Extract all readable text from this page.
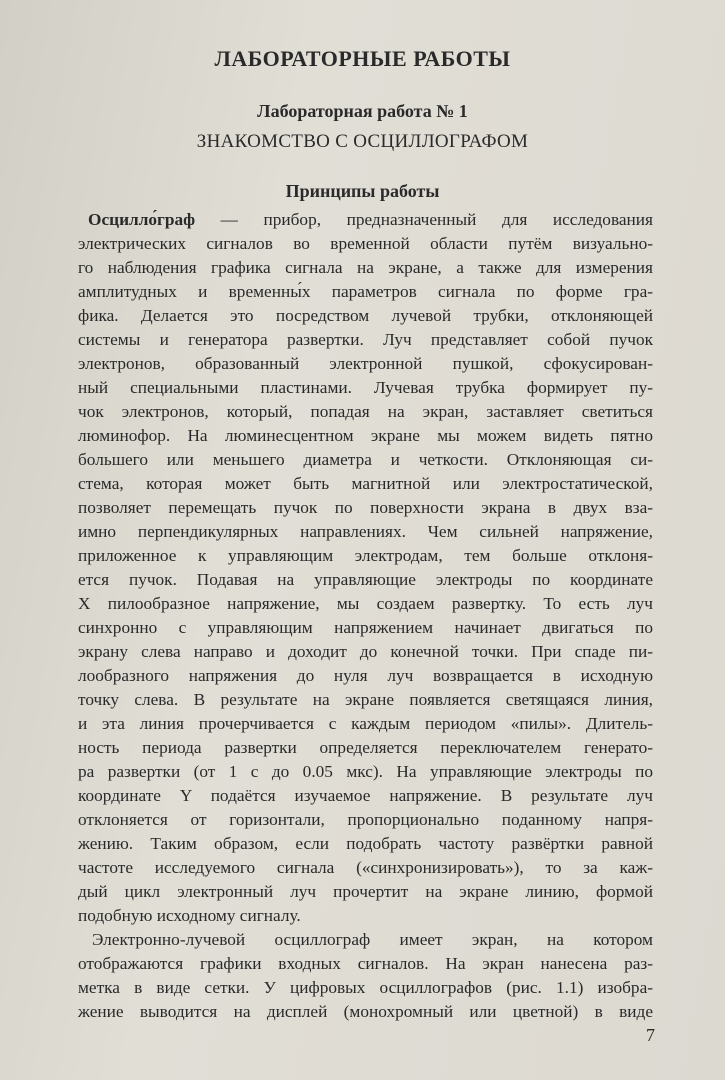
ЛАБОРАТОРНЫЕ РАБОТЫ
Лабораторная работа № 1
ЗНАКОМСТВО С ОСЦИЛЛОГРАФОМ
Принципы работы
Осцилло́граф — прибор, предназначенный для исследования
электрических сигналов во временной области путём визуально-
го наблюдения графика сигнала на экране, а также для измерения
амплитудных и временны́х параметров сигнала по форме гра-
фика. Делается это посредством лучевой трубки, отклоняющей
системы и генератора развертки. Луч представляет собой пучок
электронов, образованный электронной пушкой, сфокусирован-
ный специальными пластинами. Лучевая трубка формирует пу-
чок электронов, который, попадая на экран, заставляет светиться
люминофор. На люминесцентном экране мы можем видеть пятно
большего или меньшего диаметра и четкости. Отклоняющая си-
стема, которая может быть магнитной или электростатической,
позволяет перемещать пучок по поверхности экрана в двух вза-
имно перпендикулярных направлениях. Чем сильней напряжение,
приложенное к управляющим электродам, тем больше отклоня-
ется пучок. Подавая на управляющие электроды по координате
X пилообразное напряжение, мы создаем развертку. То есть луч
синхронно с управляющим напряжением начинает двигаться по
экрану слева направо и доходит до конечной точки. При спаде пи-
лообразного напряжения до нуля луч возвращается в исходную
точку слева. В результате на экране появляется светящаяся линия,
и эта линия прочерчивается с каждым периодом «пилы». Длитель-
ность периода развертки определяется переключателем генерато-
ра развертки (от 1 с до 0.05 мкс). На управляющие электроды по
координате Y подаётся изучаемое напряжение. В результате луч
отклоняется от горизонтали, пропорционально поданному напря-
жению. Таким образом, если подобрать частоту развёртки равной
частоте исследуемого сигнала («синхронизировать»), то за каж-
дый цикл электронный луч прочертит на экране линию, формой
подобную исходному сигналу.
Электронно-лучевой осциллограф имеет экран, на котором
отображаются графики входных сигналов. На экран нанесена раз-
метка в виде сетки. У цифровых осциллографов (рис. 1.1) изобра-
жение выводится на дисплей (монохромный или цветной) в виде
7
